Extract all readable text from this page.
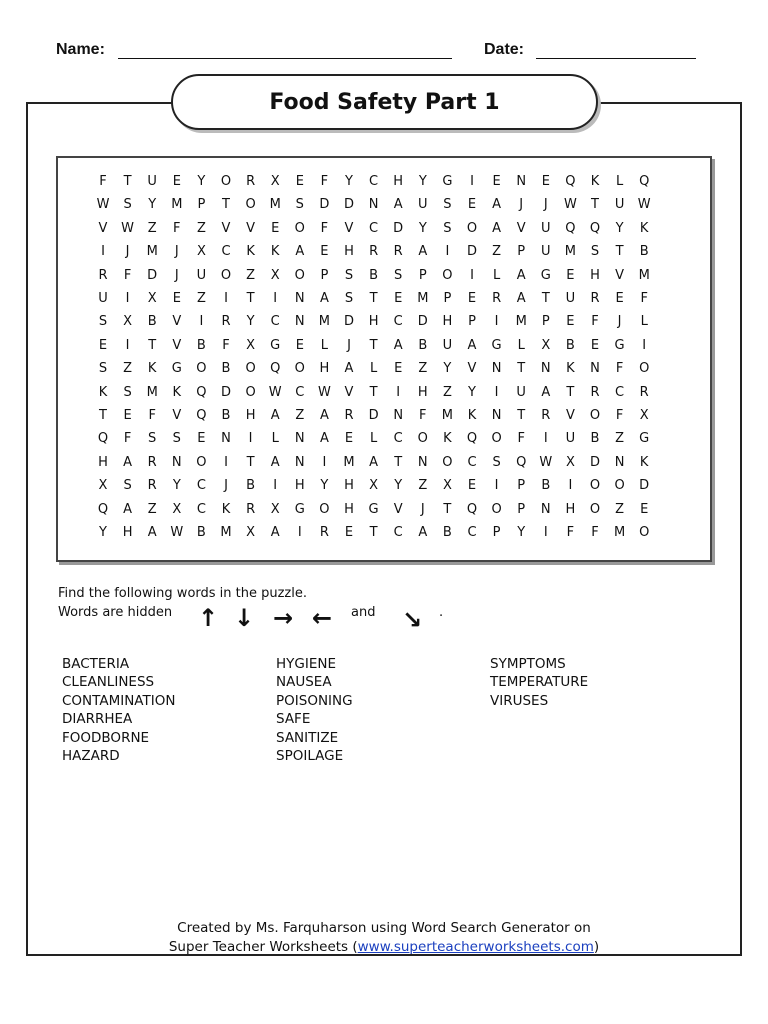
Name:	Date:
Food Safety Part 1
F	T	U	E	Y	O	R	X	E	F	Y	C	H	Y	G	I	E	N	E	Q	K	L	Q
W	S	Y	M	P	T	O	M	S	D	D	N	A	U	S	E	A	J	J	W	T	U	W
V	W	Z	F	Z	V	V	E	O	F	V	C	D	Y	S	O	A	V	U	Q	Q	Y	K
I	J	M	J	X	C	K	K	A	E	H	R	R	A	I	D	Z	P	U	M	S	T	B
R	F	D	J	U	O	Z	X	O	P	S	B	S	P	O	I	L	A	G	E	H	V	M
U	I	X	E	Z	I	T	I	N	A	S	T	E	M	P	E	R	A	T	U	R	E	F
S	X	B	V	I	R	Y	C	N	M	D	H	C	D	H	P	I	M	P	E	F	J	L
E	I	T	V	B	F	X	G	E	L	J	T	A	B	U	A	G	L	X	B	E	G	I
S	Z	K	G	O	B	O	Q	O	H	A	L	E	Z	Y	V	N	T	N	K	N	F	O
K	S	M	K	Q	D	O	W	C	W	V	T	I	H	Z	Y	I	U	A	T	R	C	R
T	E	F	V	Q	B	H	A	Z	A	R	D	N	F	M	K	N	T	R	V	O	F	X
Q	F	S	S	E	N	I	L	N	A	E	L	C	O	K	Q	O	F	I	U	B	Z	G
H	A	R	N	O	I	T	A	N	I	M	A	T	N	O	C	S	Q	W	X	D	N	K
X	S	R	Y	C	J	B	I	H	Y	H	X	Y	Z	X	E	I	P	B	I	O	O	D
Q	A	Z	X	C	K	R	X	G	O	H	G	V	J	T	Q	O	P	N	H	O	Z	E
Y	H	A	W	B	M	X	A	I	R	E	T	C	A	B	C	P	Y	I	F	F	M	O
Find the following words in the puzzle.
Words are hidden ↑ ↓ → ← and ↘ .
BACTERIA
CLEANLINESS
CONTAMINATION
DIARRHEA
FOODBORNE
HAZARD
HYGIENE
NAUSEA
POISONING
SAFE
SANITIZE
SPOILAGE
SYMPTOMS
TEMPERATURE
VIRUSES
Created by Ms. Farquharson using Word Search Generator on
Super Teacher Worksheets (www.superteacherworksheets.com)
